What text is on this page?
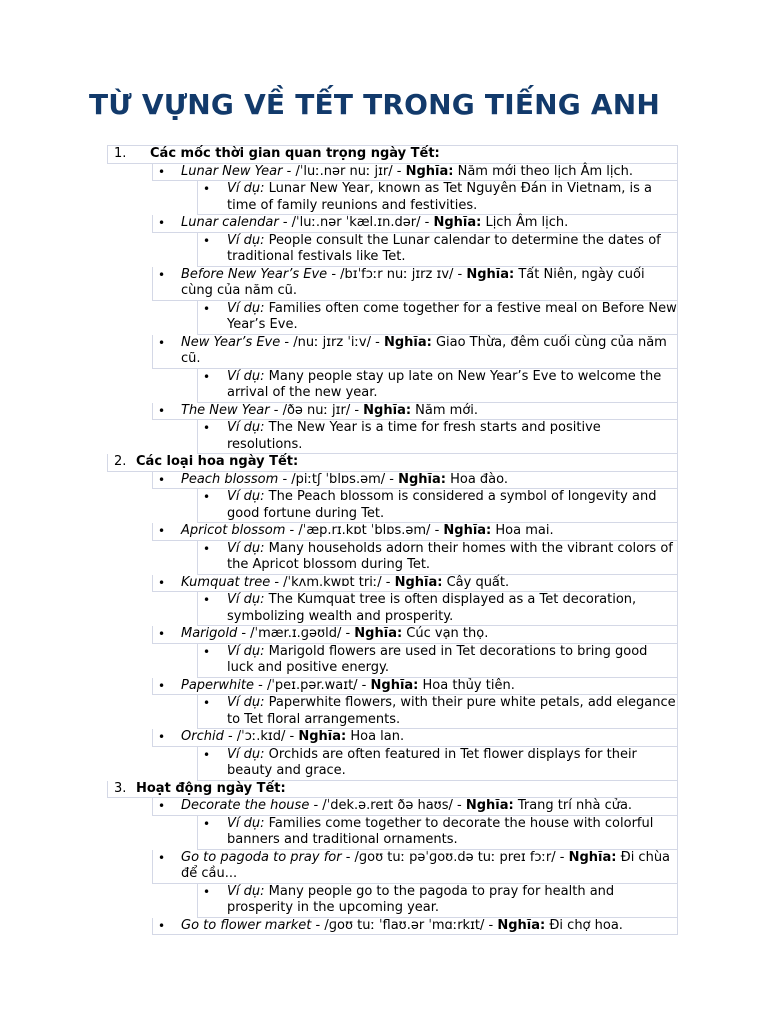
TỪ VỰNG VỀ TẾT TRONG TIẾNG ANH
1. Các mốc thời gian quan trọng ngày Tết:
• Lunar New Year - /ˈluː.nər nuː jɪr/ - Nghĩa: Năm mới theo lịch Âm lịch.
• Ví dụ: Lunar New Year, known as Tet Nguyên Đán in Vietnam, is a time of family reunions and festivities.
• Lunar calendar - /ˈluː.nər ˈkæl.ɪn.dər/ - Nghĩa: Lịch Âm lịch.
• Ví dụ: People consult the Lunar calendar to determine the dates of traditional festivals like Tet.
• Before New Year’s Eve - /bɪˈfɔːr nuː jɪrz ɪv/ - Nghĩa: Tất Niên, ngày cuối cùng của năm cũ.
• Ví dụ: Families often come together for a festive meal on Before New Year’s Eve.
• New Year’s Eve - /nuː jɪrz ˈiːv/ - Nghĩa: Giao Thừa, đêm cuối cùng của năm cũ.
• Ví dụ: Many people stay up late on New Year’s Eve to welcome the arrival of the new year.
• The New Year - /ðə nuː jɪr/ - Nghĩa: Năm mới.
• Ví dụ: The New Year is a time for fresh starts and positive resolutions.
2. Các loại hoa ngày Tết:
• Peach blossom - /piːtʃ ˈblɒs.əm/ - Nghĩa: Hoa đào.
• Ví dụ: The Peach blossom is considered a symbol of longevity and good fortune during Tet.
• Apricot blossom - /ˈæp.rɪ.kɒt ˈblɒs.əm/ - Nghĩa: Hoa mai.
• Ví dụ: Many households adorn their homes with the vibrant colors of the Apricot blossom during Tet.
• Kumquat tree - /ˈkʌm.kwɒt triː/ - Nghĩa: Cây quất.
• Ví dụ: The Kumquat tree is often displayed as a Tet decoration, symbolizing wealth and prosperity.
• Marigold - /ˈmær.ɪ.ɡəʊld/ - Nghĩa: Cúc vạn thọ.
• Ví dụ: Marigold flowers are used in Tet decorations to bring good luck and positive energy.
• Paperwhite - /ˈpeɪ.pər.waɪt/ - Nghĩa: Hoa thủy tiên.
• Ví dụ: Paperwhite flowers, with their pure white petals, add elegance to Tet floral arrangements.
• Orchid - /ˈɔː.kɪd/ - Nghĩa: Hoa lan.
• Ví dụ: Orchids are often featured in Tet flower displays for their beauty and grace.
3. Hoạt động ngày Tết:
• Decorate the house - /ˈdek.ə.reɪt ðə haʊs/ - Nghĩa: Trang trí nhà cửa.
• Ví dụ: Families come together to decorate the house with colorful banners and traditional ornaments.
• Go to pagoda to pray for - /ɡoʊ tuː pəˈɡoʊ.də tuː preɪ fɔːr/ - Nghĩa: Đi chùa để cầu...
• Ví dụ: Many people go to the pagoda to pray for health and prosperity in the upcoming year.
• Go to flower market - /ɡoʊ tuː ˈflaʊ.ər ˈmɑːrkɪt/ - Nghĩa: Đi chợ hoa.
